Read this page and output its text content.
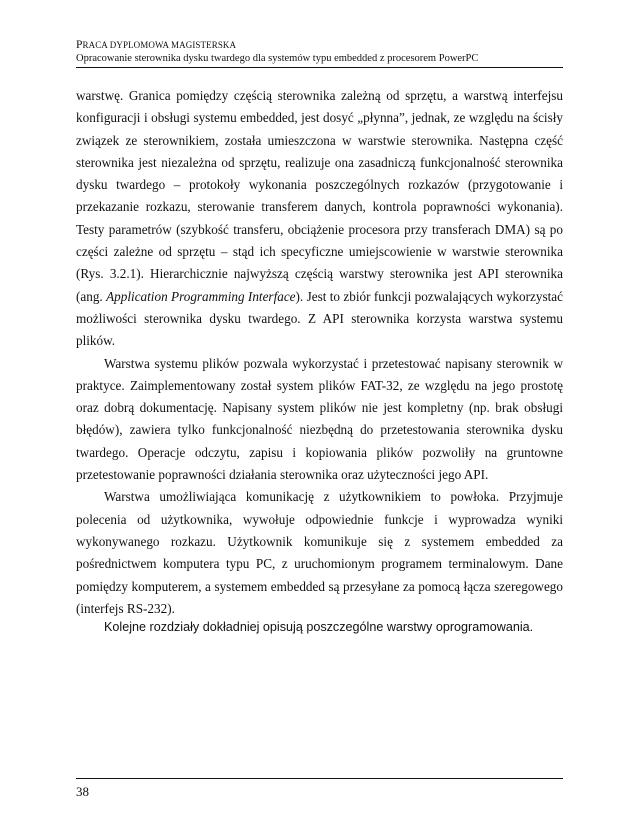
PRACA DYPLOMOWA MAGISTERSKA
Opracowanie sterownika dysku twardego dla systemów typu embedded z procesorem PowerPC

warstwę. Granica pomiędzy częścią sterownika zależną od sprzętu, a warstwą interfejsu konfiguracji i obsługi systemu embedded, jest dosyć „płynna”, jednak, ze względu na ścisły związek ze sterownikiem, została umieszczona w warstwie sterownika. Następna część sterownika jest niezależna od sprzętu, realizuje ona zasadniczą funkcjonalność sterownika dysku twardego – protokoły wykonania poszczególnych rozkazów (przygotowanie i przekazanie rozkazu, sterowanie transferem danych, kontrola poprawności wykonania). Testy parametrów (szybkość transferu, obciążenie procesora przy transferach DMA) są po części zależne od sprzętu – stąd ich specyficzne umiejscowienie w warstwie sterownika (Rys. 3.2.1). Hierarchicznie najwyższą częścią warstwy sterownika jest API sterownika (ang. Application Programming Interface). Jest to zbiór funkcji pozwalających wykorzystać możliwości sterownika dysku twardego. Z API sterownika korzysta warstwa systemu plików.

Warstwa systemu plików pozwala wykorzystać i przetestować napisany sterownik w praktyce. Zaimplementowany został system plików FAT-32, ze względu na jego prostotę oraz dobrą dokumentację. Napisany system plików nie jest kompletny (np. brak obsługi błędów), zawiera tylko funkcjonalność niezbędną do przetestowania sterownika dysku twardego. Operacje odczytu, zapisu i kopiowania plików pozwoliły na gruntowne przetestowanie poprawności działania sterownika oraz użyteczności jego API.

Warstwa umożliwiająca komunikację z użytkownikiem to powłoka. Przyjmuje polecenia od użytkownika, wywołuje odpowiednie funkcje i wyprowadza wyniki wykonywanego rozkazu. Użytkownik komunikuje się z systemem embedded za pośrednictwem komputera typu PC, z uruchomionym programem terminalowym. Dane pomiędzy komputerem, a systemem embedded są przesyłane za pomocą łącza szeregowego (interfejs RS-232).

Kolejne rozdziały dokładniej opisują poszczególne warstwy oprogramowania.
38
